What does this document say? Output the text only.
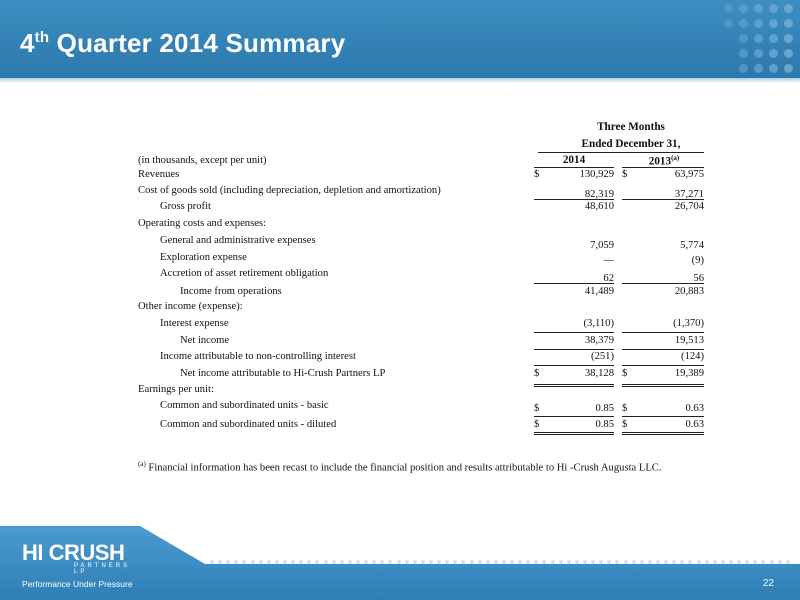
4th Quarter 2014 Summary
Three Months
Ended December 31,
(in thousands, except per unit)	2014	2013$^{(a)}$
Revenues	$	130,929 $	63,975
Cost of goods sold (including depreciation, depletion and amortization)	82,319	37,271
Gross profit	48,610	26,704
Operating costs and expenses:
General and administrative expenses	7,059	5,774
Exploration expense	—	(9)
Accretion of asset retirement obligation	62	56
Income from operations	41,489	20,883
Other income (expense):
Interest expense	(3,110)	(1,370)
Net income	38,379	19,513
Income attributable to non-controlling interest	(251)	(124)
Net income attributable to Hi-Crush Partners LP	$	38,128 $	19,389
Earnings per unit:
Common and subordinated units - basic	$	0.85 $	0.63
Common and subordinated units - diluted	$	0.85 $	0.63
$^{(a)}$ Financial information has been recast to include the financial position and results attributable to Hi -Crush Augusta LLC.
HI CRUSH
PARTNERS LP
Performance Under Pressure	22
